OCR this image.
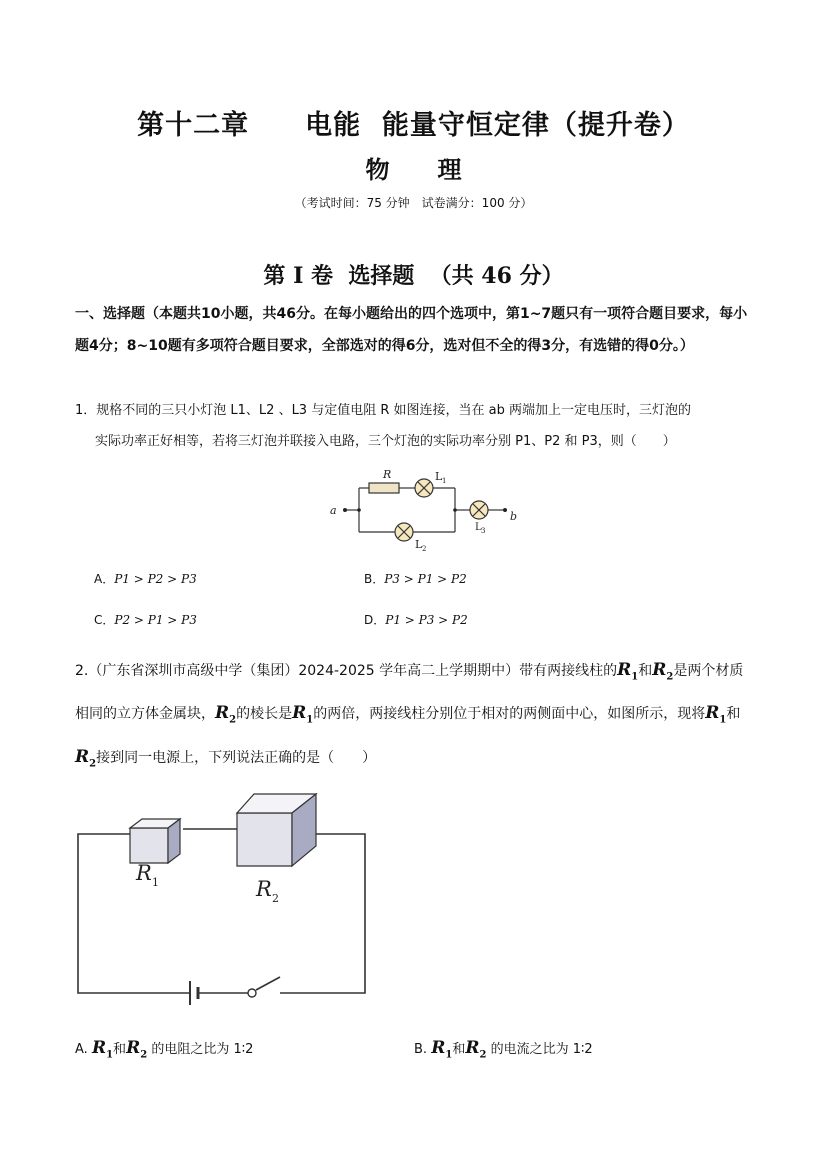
第十二章　　电能  能量守恒定律（提升卷）
物　　理
（考试时间：75 分钟　试卷满分：100 分）
第 I 卷  选择题  （共 46 分）
一、选择题（本题共10小题，共46分。在每小题给出的四个选项中，第1~7题只有一项符合题目要求，每小题4分；8~10题有多项符合题目要求，全部选对的得6分，选对但不全的得3分，有选错的得0分。）
1．规格不同的三只小灯泡 L1、L2 、L3 与定值电阻 R 如图连接，当在 ab 两端加上一定电压时，三灯泡的
实际功率正好相等，若将三灯泡并联接入电路，三个灯泡的实际功率分别 P1、P2 和 P3，则（　　）
R	L 1
L 2
L 3
a	b
A．P1 > P2 > P3	B．P3 > P1 > P2
C．P2 > P1 > P3	D．P1 > P3 > P2
2.（广东省深圳市高级中学（集团）2024-2025 学年高二上学期期中）带有两接线柱的$R_1$和$R_2$是两个材质相同的立方体金属块，$R_2$的棱长是$R_1$的两倍，两接线柱分别位于相对的两侧面中心，如图所示，现将$R_1$和$R_2$接到同一电源上，下列说法正确的是（　　）
R 1	R 2
A. $R_1$和$R_2$ 的电阻之比为 1∶2	B. $R_1$和$R_2$ 的电流之比为 1∶2
